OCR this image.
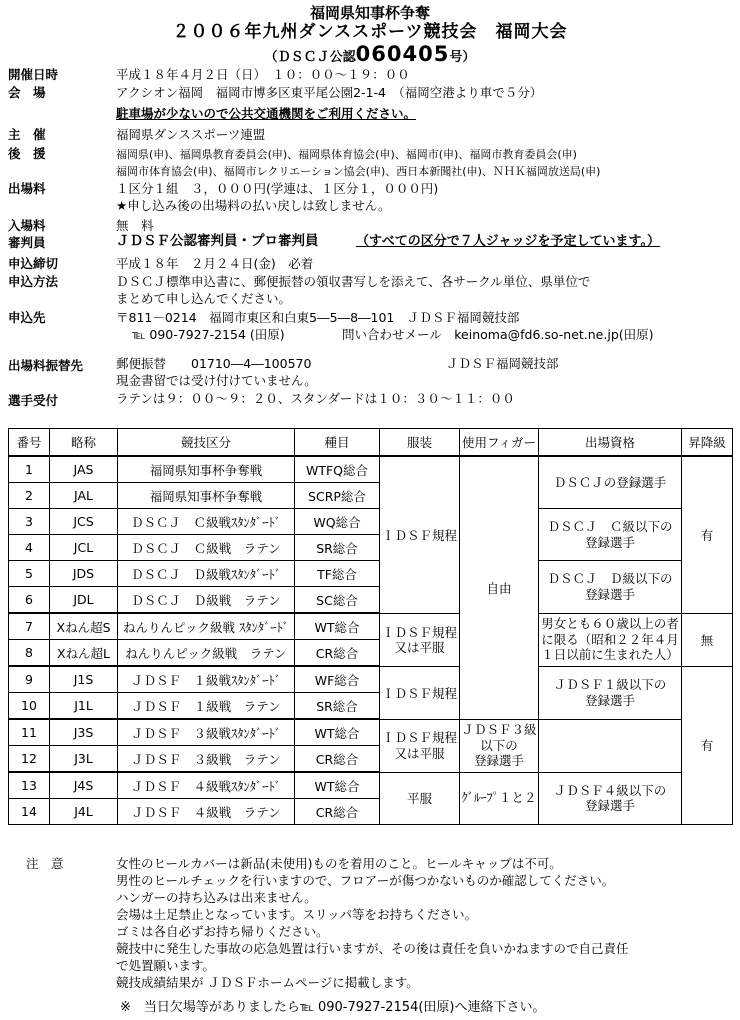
福岡県知事杯争奪
２００６年九州ダンススポーツ競技会　福岡大会
（ＤＳＣＪ公認060405号）
開催日時	平成１８年４月２日（日）　１０：００～１９：００
会　場	アクシオン福岡　福岡市博多区東平尾公園2-1-4　（福岡空港より車で５分）
駐車場が少ないので公共交通機関をご利用ください。
主　催	福岡県ダンススポーツ連盟
後　援	福岡県(申)、福岡県教育委員会(申)、福岡県体育協会(申)、福岡市(申)、福岡市教育委員会(申)
福岡市体育協会(申)、福岡市レクリエーション協会(申)、西日本新聞社(申)、ＮＨＫ福岡放送局(申)
出場料	１区分１組　３，０００円(学連は、１区分１，０００円)
★申し込み後の出場料の払い戻しは致しません。
入場料	無　料
審判員	ＪＤＳＦ公認審判員・プロ審判員	（すべての区分で７人ジャッジを予定しています。）
申込締切	平成１８年　２月２４日(金)　必着
申込方法	ＤＳＣＪ標準申込書に、郵便振替の領収書写しを添えて、各サークル単位、県単位で
まとめて申し込んでください。
申込先	〒811－0214　福岡市東区和白東5―5―8―101　ＪＤＳＦ福岡競技部
℡ 090-7927-2154 (田原)	問い合わせメール　keinoma@fd6.so-net.ne.jp(田原)
出場料振替先	郵便振替　　01710―4―100570	ＪＤＳＦ福岡競技部
現金書留では受け付けていません。
選手受付	ラテンは９：００～９：２０、スタンダードは１０：３０～１１：００
番号	略称	競技区分	種目	服装	使用フィガー	出場資格	昇降級
1	JAS	福岡県知事杯争奪戦	WTFQ総合	ＩＤＳＦ規程	自由	ＤＳＣＪの登録選手	有
2	JAL	福岡県知事杯争奪戦	SCRP総合				
3	JCS	ＤＳＣＪ　Ｃ級戦ｽﾀﾝﾀﾞｰﾄﾞ	WQ総合			ＤＳＣＪ　Ｃ級以下の
登録選手	
4	JCL	ＤＳＣＪ　Ｃ級戦　ラテン	SR総合				
5	JDS	ＤＳＣＪ　Ｄ級戦ｽﾀﾝﾀﾞｰﾄﾞ	TF総合			ＤＳＣＪ　Ｄ級以下の
登録選手	
6	JDL	ＤＳＣＪ　Ｄ級戦　ラテン	SC総合				
7	Xねん超S	ねんりんピック級戦 ｽﾀﾝﾀﾞｰﾄﾞ	WT総合	ＩＤＳＦ規程又は平服		男女とも６０歳以上の者
に限る（昭和２２年４月
１日以前に生まれた人）	無
8	Xねん超L	ねんりんピック級戦　ラテン	CR総合				
9	J1S	ＪＤＳＦ　１級戦ｽﾀﾝﾀﾞｰﾄﾞ	WF総合	ＩＤＳＦ規程		ＪＤＳＦ１級以下の
登録選手	有
10	J1L	ＪＤＳＦ　１級戦　ラテン	SR総合				
11	J3S	ＪＤＳＦ　３級戦ｽﾀﾝﾀﾞｰﾄﾞ	WT総合	ＩＤＳＦ規程
又は平服	ＪＤＳＦ３級以下の
登録選手		
12	J3L	ＪＤＳＦ　３級戦　ラテン	CR総合				
13	J4S	ＪＤＳＦ　４級戦ｽﾀﾝﾀﾞｰﾄﾞ	WT総合	平服	ｸﾞﾙｰﾌﾟ１と２	ＪＤＳＦ４級以下の
登録選手	
14	J4L	ＪＤＳＦ　４級戦　ラテン	CR総合				
注　意	女性のヒールカバーは新品(未使用)ものを着用のこと。ヒールキャップは不可。
男性のヒールチェックを行いますので、フロアーが傷つかないものか確認してください。
ハンガーの持ち込みは出来ません。
会場は土足禁止となっています。スリッパ等をお持ちください。
ゴミは各自必ずお持ち帰りください。
競技中に発生した事故の応急処置は行いますが、その後は責任を負いかねますので自己責任
で処置願います。
競技成績結果が ＪＤＳＦホームページに掲載します。
※　当日欠場等がありましたら℡ 090-7927-2154(田原)へ連絡下さい。
